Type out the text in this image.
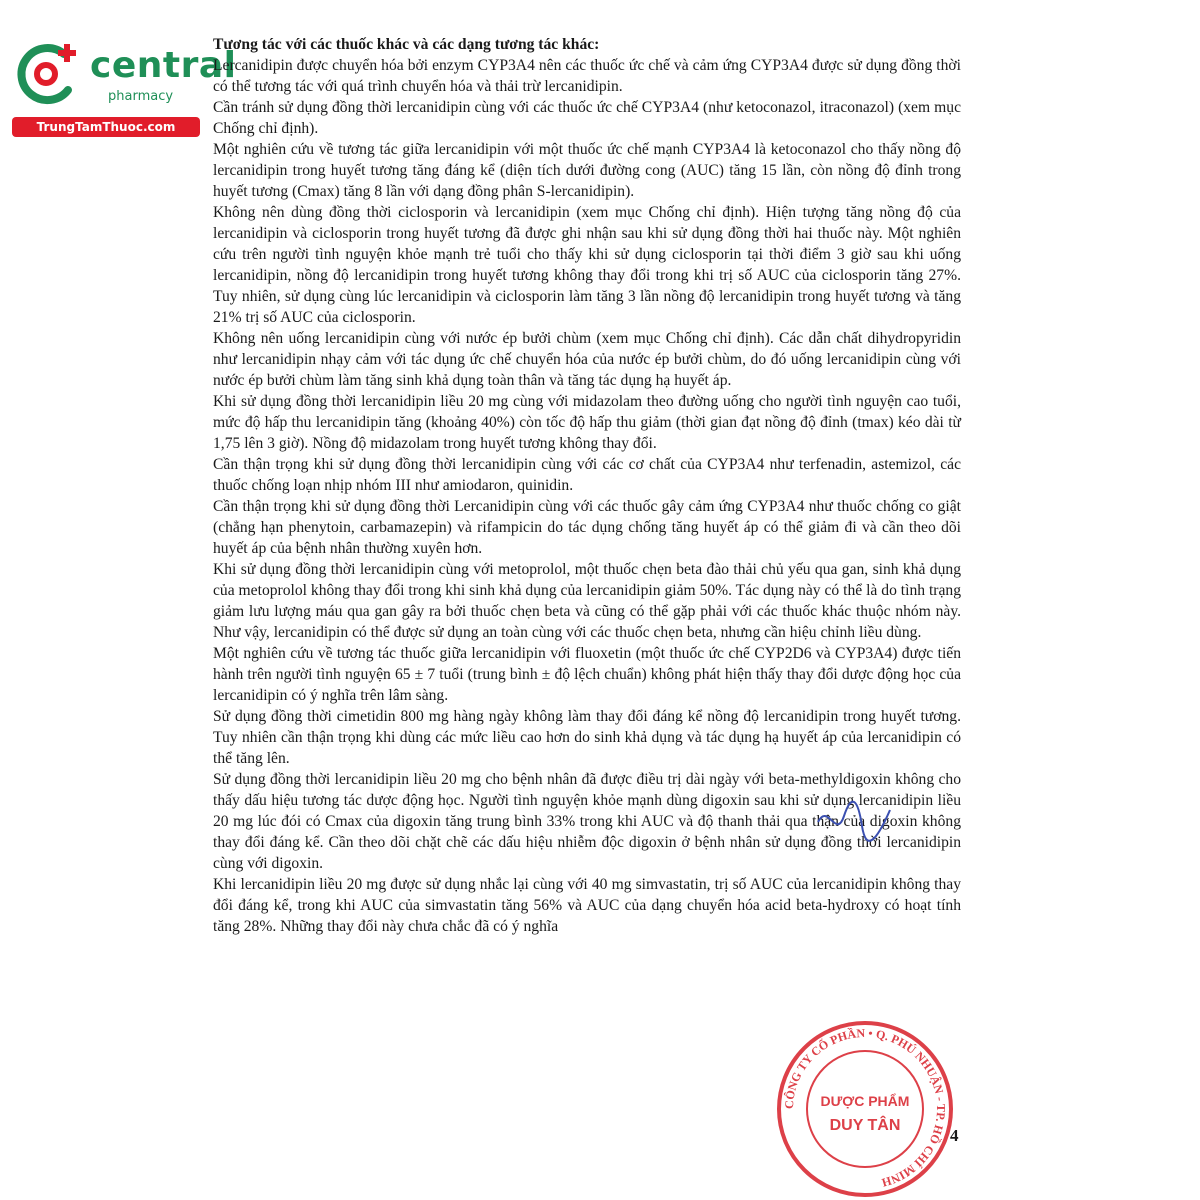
central
pharmacy
TrungTamThuoc.com

Tương tác với các thuốc khác và các dạng tương tác khác:

Lercanidipin được chuyển hóa bởi enzym CYP3A4 nên các thuốc ức chế và cảm ứng CYP3A4 được sử dụng đồng thời có thể tương tác với quá trình chuyển hóa và thải trừ lercanidipin.

Cần tránh sử dụng đồng thời lercanidipin cùng với các thuốc ức chế CYP3A4 (như ketoconazol, itraconazol) (xem mục Chống chỉ định).

Một nghiên cứu về tương tác giữa lercanidipin với một thuốc ức chế mạnh CYP3A4 là ketoconazol cho thấy nồng độ lercanidipin trong huyết tương tăng đáng kể (diện tích dưới đường cong (AUC) tăng 15 lần, còn nồng độ đỉnh trong huyết tương (Cmax) tăng 8 lần với dạng đồng phân S-lercanidipin).

Không nên dùng đồng thời ciclosporin và lercanidipin (xem mục Chống chỉ định). Hiện tượng tăng nồng độ của lercanidipin và ciclosporin trong huyết tương đã được ghi nhận sau khi sử dụng đồng thời hai thuốc này. Một nghiên cứu trên người tình nguyện khỏe mạnh trẻ tuổi cho thấy khi sử dụng ciclosporin tại thời điểm 3 giờ sau khi uống lercanidipin, nồng độ lercanidipin trong huyết tương không thay đổi trong khi trị số AUC của ciclosporin tăng 27%. Tuy nhiên, sử dụng cùng lúc lercanidipin và ciclosporin làm tăng 3 lần nồng độ lercanidipin trong huyết tương và tăng 21% trị số AUC của ciclosporin.

Không nên uống lercanidipin cùng với nước ép bưởi chùm (xem mục Chống chỉ định). Các dẫn chất dihydropyridin như lercanidipin nhạy cảm với tác dụng ức chế chuyển hóa của nước ép bưởi chùm, do đó uống lercanidipin cùng với nước ép bưởi chùm làm tăng sinh khả dụng toàn thân và tăng tác dụng hạ huyết áp.

Khi sử dụng đồng thời lercanidipin liều 20 mg cùng với midazolam theo đường uống cho người tình nguyện cao tuổi, mức độ hấp thu lercanidipin tăng (khoảng 40%) còn tốc độ hấp thu giảm (thời gian đạt nồng độ đỉnh (tmax) kéo dài từ 1,75 lên 3 giờ). Nồng độ midazolam trong huyết tương không thay đổi.

Cần thận trọng khi sử dụng đồng thời lercanidipin cùng với các cơ chất của CYP3A4 như terfenadin, astemizol, các thuốc chống loạn nhịp nhóm III như amiodaron, quinidin.

Cần thận trọng khi sử dụng đồng thời Lercanidipin cùng với các thuốc gây cảm ứng CYP3A4 như thuốc chống co giật (chẳng hạn phenytoin, carbamazepin) và rifampicin do tác dụng chống tăng huyết áp có thể giảm đi và cần theo dõi huyết áp của bệnh nhân thường xuyên hơn.

Khi sử dụng đồng thời lercanidipin cùng với metoprolol, một thuốc chẹn beta đào thải chủ yếu qua gan, sinh khả dụng của metoprolol không thay đổi trong khi sinh khả dụng của lercanidipin giảm 50%. Tác dụng này có thể là do tình trạng giảm lưu lượng máu qua gan gây ra bởi thuốc chẹn beta và cũng có thể gặp phải với các thuốc khác thuộc nhóm này. Như vậy, lercanidipin có thể được sử dụng an toàn cùng với các thuốc chẹn beta, nhưng cần hiệu chỉnh liều dùng.

Một nghiên cứu về tương tác thuốc giữa lercanidipin với fluoxetin (một thuốc ức chế CYP2D6 và CYP3A4) được tiến hành trên người tình nguyện 65 ± 7 tuổi (trung bình ± độ lệch chuẩn) không phát hiện thấy thay đổi dược động học của lercanidipin có ý nghĩa trên lâm sàng.

Sử dụng đồng thời cimetidin 800 mg hàng ngày không làm thay đổi đáng kể nồng độ lercanidipin trong huyết tương. Tuy nhiên cần thận trọng khi dùng các mức liều cao hơn do sinh khả dụng và tác dụng hạ huyết áp của lercanidipin có thể tăng lên.

Sử dụng đồng thời lercanidipin liều 20 mg cho bệnh nhân đã được điều trị dài ngày với beta-methyldigoxin không cho thấy dấu hiệu tương tác dược động học. Người tình nguyện khỏe mạnh dùng digoxin sau khi sử dụng lercanidipin liều 20 mg lúc đói có Cmax của digoxin tăng trung bình 33% trong khi AUC và độ thanh thải qua thận của digoxin không thay đổi đáng kể. Cần theo dõi chặt chẽ các dấu hiệu nhiễm độc digoxin ở bệnh nhân sử dụng đồng thời lercanidipin cùng với digoxin.

Khi lercanidipin liều 20 mg được sử dụng nhắc lại cùng với 40 mg simvastatin, trị số AUC của lercanidipin không thay đổi đáng kể, trong khi AUC của simvastatin tăng 56% và AUC của dạng chuyển hóa acid beta-hydroxy có hoạt tính tăng 28%. Những thay đổi này chưa chắc đã có ý nghĩa

CÔNG TY CỔ PHẦN • Q. PHÚ NHUẬN - TP. HỒ CHÍ MINH
DƯỢC PHẨM
DUY TÂN
4
